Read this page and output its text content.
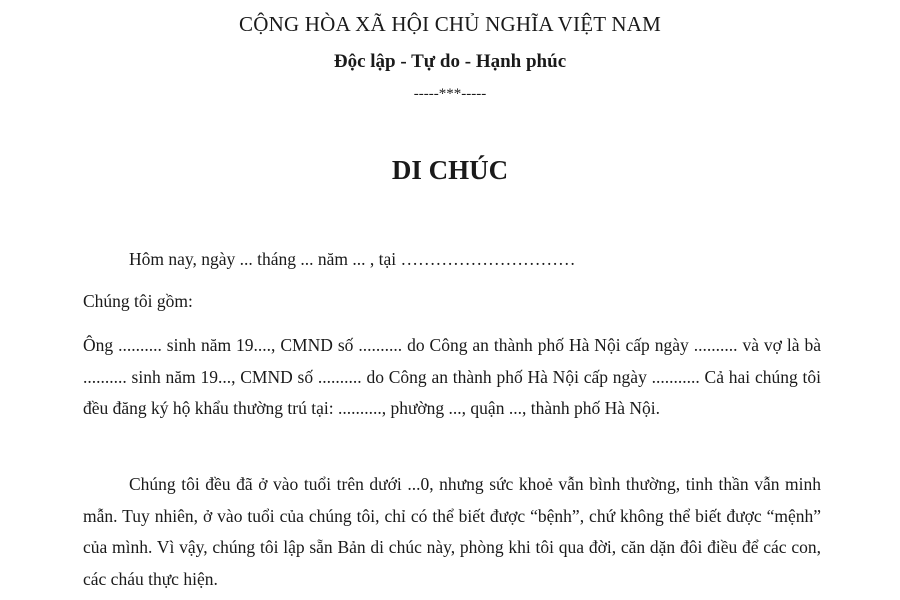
CỘNG HÒA XÃ HỘI CHỦ NGHĨA VIỆT NAM
Độc lập - Tự do - Hạnh phúc
-----***-----
DI CHÚC

Hôm nay, ngày ... tháng ... năm ... , tại …………………………

Chúng tôi gồm:

Ông .......... sinh năm 19...., CMND số .......... do Công an thành phố Hà Nội cấp ngày .......... và vợ là bà .......... sinh năm 19..., CMND số .......... do Công an thành phố Hà Nội cấp ngày ........... Cả hai chúng tôi đều đăng ký hộ khẩu thường trú tại: .........., phường ..., quận ..., thành phố Hà Nội.

Chúng tôi đều đã ở vào tuổi trên dưới ...0, nhưng sức khoẻ vẫn bình thường, tinh thần vẫn minh mẫn. Tuy nhiên, ở vào tuổi của chúng tôi, chỉ có thể biết được “bệnh”, chứ không thể biết được “mệnh” của mình. Vì vậy, chúng tôi lập sẵn Bản di chúc này, phòng khi tôi qua đời, căn dặn đôi điều để các con, các cháu thực hiện.
